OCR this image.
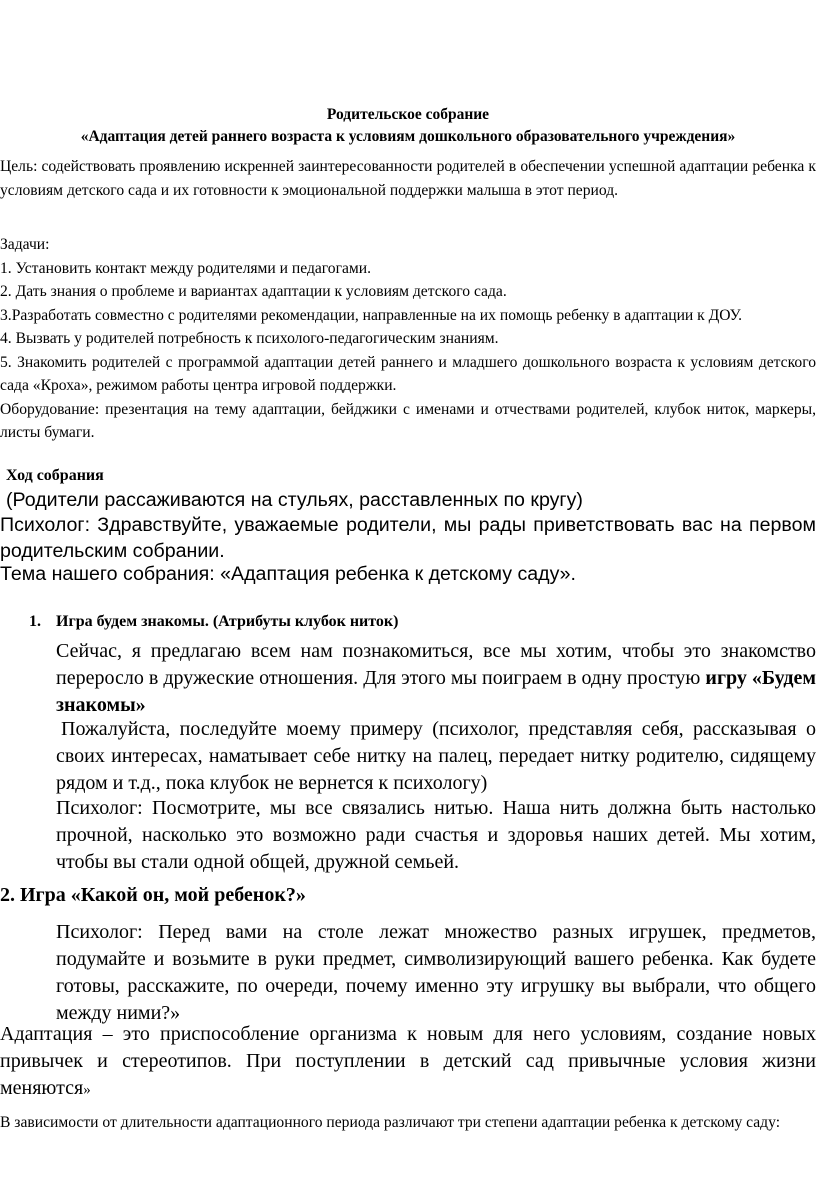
Родительское собрание
«Адаптация детей раннего возраста к условиям дошкольного образовательного учреждения»
Цель: содействовать проявлению искренней заинтересованности родителей в обеспечении успешной адаптации ребенка к условиям детского сада и их готовности к эмоциональной поддержки малыша в этот период.
Задачи:
1. Установить контакт между родителями и педагогами.
2. Дать знания о проблеме и вариантах адаптации к условиям детского сада.
3.Разработать совместно с родителями рекомендации, направленные на их помощь ребенку в адаптации к ДОУ.
4. Вызвать у родителей потребность к психолого-педагогическим знаниям.
5. Знакомить родителей с программой адаптации детей раннего и младшего дошкольного возраста к условиям детского сада «Кроха», режимом работы центра игровой поддержки.
Оборудование: презентация на тему адаптации, бейджики с именами и отчествами родителей, клубок ниток, маркеры, листы бумаги.
Ход собрания
(Родители рассаживаются на стульях, расставленных по кругу)
Психолог: Здравствуйте, уважаемые родители, мы рады приветствовать вас на первом родительским собрании.
Тема нашего собрания: «Адаптация ребенка к детскому саду».
1. Игра будем знакомы. (Атрибуты клубок ниток)
Сейчас, я предлагаю всем нам познакомиться, все мы хотим, чтобы это знакомство переросло в дружеские отношения. Для этого мы поиграем в одну простую игру «Будем знакомы»
Пожалуйста, последуйте моему примеру (психолог, представляя себя, рассказывая о своих интересах, наматывает себе нитку на палец, передает нитку родителю, сидящему рядом и т.д., пока клубок не вернется к психологу)
Психолог: Посмотрите, мы все связались нитью. Наша нить должна быть настолько прочной, насколько это возможно ради счастья и здоровья наших детей. Мы хотим, чтобы вы стали одной общей, дружной семьей.
2. Игра «Какой он, мой ребенок?»
Психолог: Перед вами на столе лежат множество разных игрушек, предметов, подумайте и возьмите в руки предмет, символизирующий вашего ребенка. Как будете готовы, расскажите, по очереди, почему именно эту игрушку вы выбрали, что общего между ними?»
Адаптация – это приспособление организма к новым для него условиям, создание новых привычек и стереотипов. При поступлении в детский сад привычные условия жизни меняются»
В зависимости от длительности адаптационного периода различают три степени адаптации ребенка к детскому саду:
